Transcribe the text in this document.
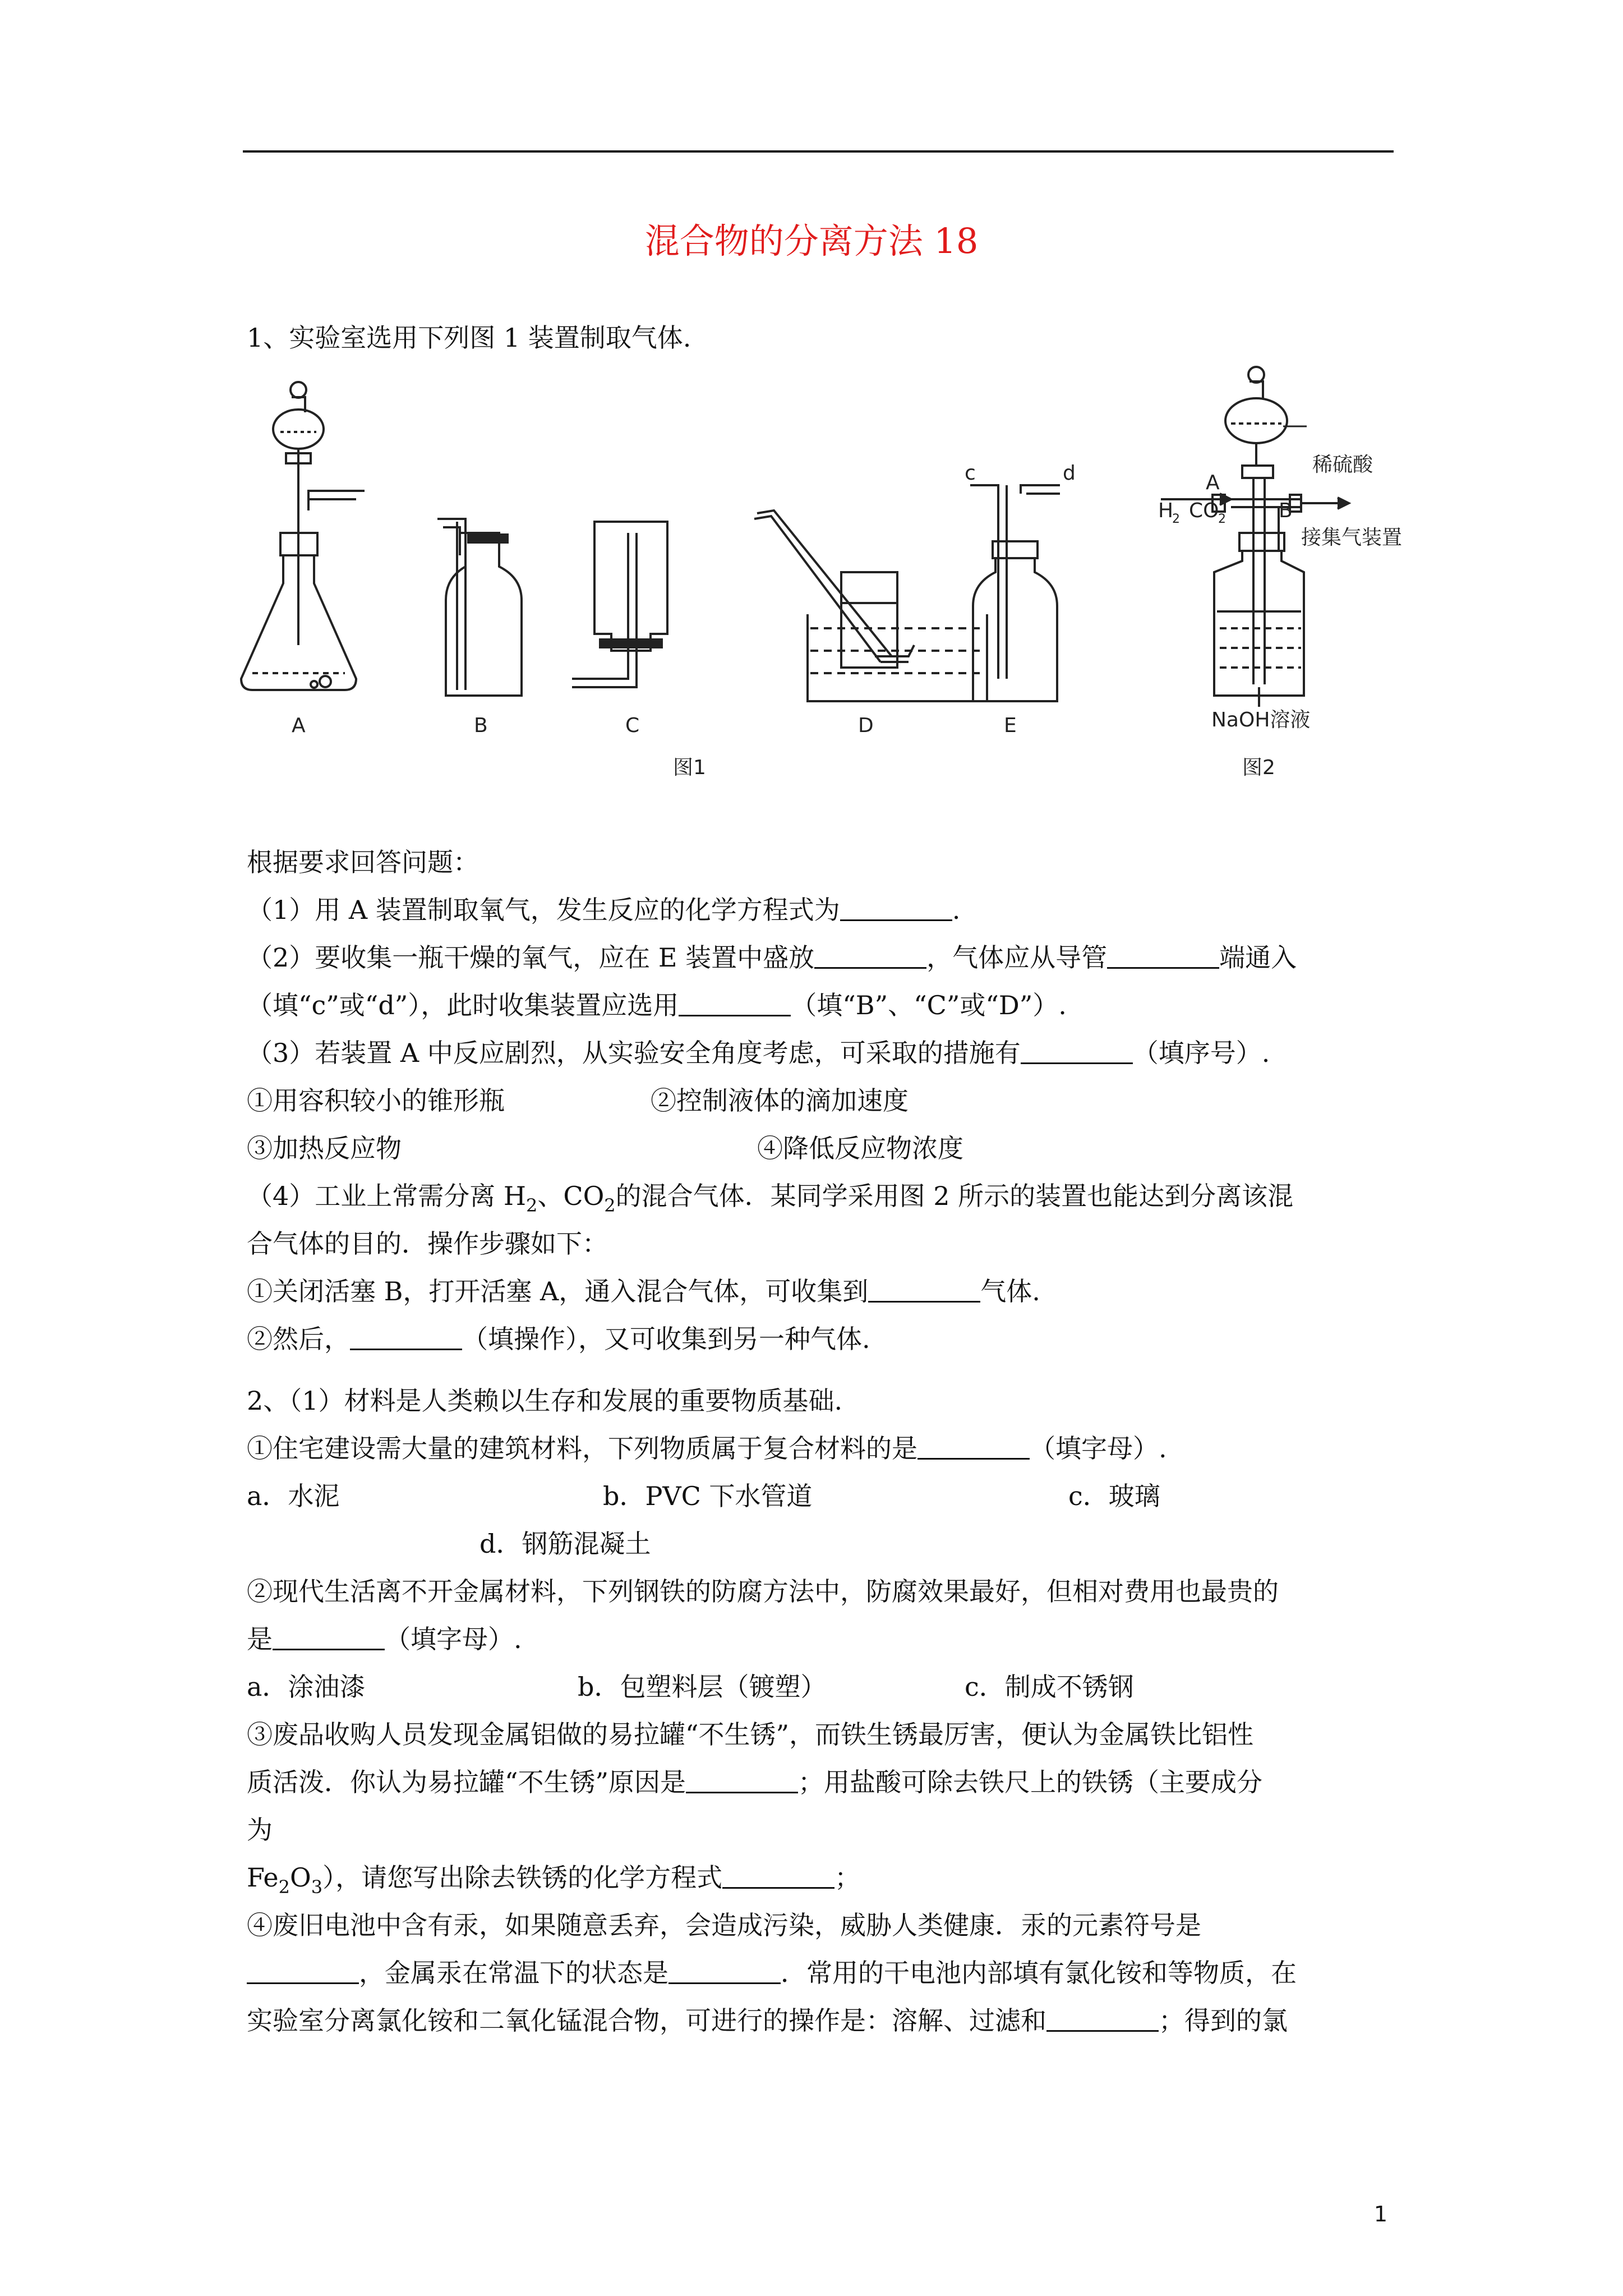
混合物的分离方法 18
1、实验室选用下列图 1 装置制取气体.
A	B	C	D	E
图1	图2
c	d	稀硫酸
H
2 CO
2
A
B
接集气装置
NaOH溶液
根据要求回答问题：
（1）用 A 装置制取氧气，发生反应的化学方程式为	.
（2）要收集一瓶干燥的氧气，应在 E 装置中盛放	，气体应从导管	端通入
（填“c”或“d”），此时收集装置应选用	（填“B”、“C”或“D”）.
（3）若装置 A 中反应剧烈，从实验安全角度考虑，可采取的措施有	（填序号）.
①用容积较小的锥形瓶	②控制液体的滴加速度
③加热反应物	④降低反应物浓度
（4）工业上常需分离 $H_2$、$CO_2$的混合气体．某同学采用图 2 所示的装置也能达到分离该混
合气体的目的．操作步骤如下：
①关闭活塞 B，打开活塞 A，通入混合气体，可收集到	气体.
②然后，	（填操作），又可收集到另一种气体.
2、（1）材料是人类赖以生存和发展的重要物质基础.
①住宅建设需大量的建筑材料，下列物质属于复合材料的是	（填字母）.
a．水泥	b．PVC 下水管道	c．玻璃
d．钢筋混凝土
②现代生活离不开金属材料，下列钢铁的防腐方法中，防腐效果最好，但相对费用也最贵的
是	（填字母）.
a．涂油漆	b．包塑料层（镀塑）	c．制成不锈钢
③废品收购人员发现金属铝做的易拉罐“不生锈”，而铁生锈最厉害，便认为金属铁比铝性
质活泼．你认为易拉罐“不生锈”原因是	；用盐酸可除去铁尺上的铁锈（主要成分
为
$Fe_2O_3$），请您写出除去铁锈的化学方程式	；
④废旧电池中含有汞，如果随意丢弃，会造成污染，威胁人类健康．汞的元素符号是
，金属汞在常温下的状态是	．常用的干电池内部填有氯化铵和等物质，在
实验室分离氯化铵和二氧化锰混合物，可进行的操作是：溶解、过滤和	；得到的氯
1
